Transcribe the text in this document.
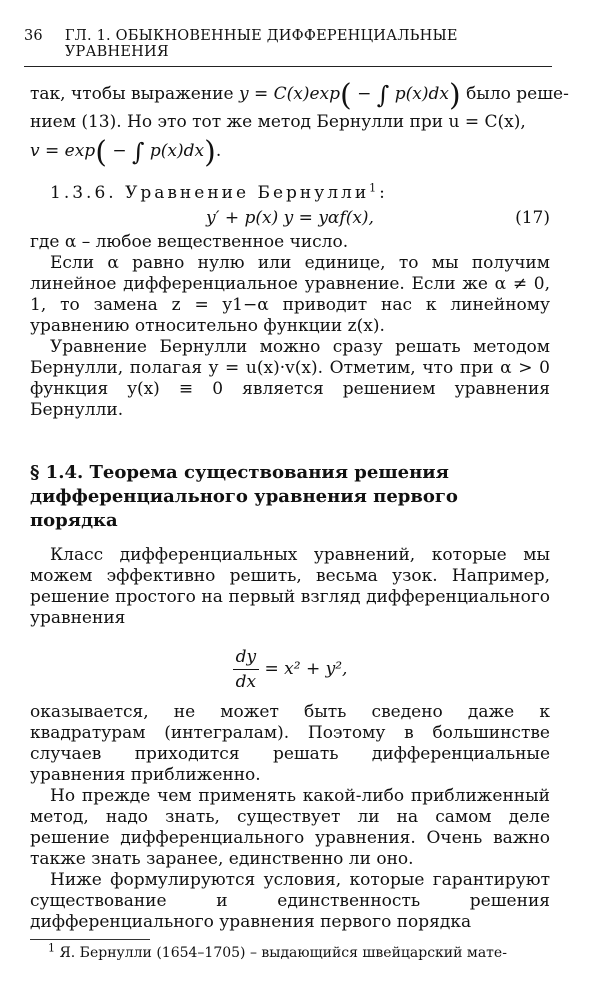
36 ГЛ. 1. ОБЫКНОВЕННЫЕ ДИФФЕРЕНЦИАЛЬНЫЕ УРАВНЕНИЯ
так, чтобы выражение y = C(x)exp( − ∫ p(x)dx) было реше-

нием (13). Но это тот же метод Бернулли при u = C(x),

v = exp( − ∫ p(x)dx).

1.3.6. Уравнение Бернулли$^1$:

y′ + p(x) y = yαf(x),	(17)

где α – любое вещественное число.

Если α равно нулю или единице, то мы получим линейное дифференциальное уравнение. Если же α ≠ 0, 1, то замена z = y1−α приводит нас к линейному уравнению относительно функции z(x).

Уравнение Бернулли можно сразу решать методом Бернулли, полагая y = u(x)·v(x). Отметим, что при α > 0 функция y(x) ≡ 0 является решением уравнения Бернулли.

§ 1.4. Теорема существования решения дифференциального уравнения первого порядка

Класс дифференциальных уравнений, которые мы можем эффективно решить, весьма узок. Например, решение простого на первый взгляд дифференциального уравнения

$\frac{dy}{dx} = x^2 + y^2$,

оказывается, не может быть сведено даже к квадратурам (интегралам). Поэтому в большинстве случаев приходится решать дифференциальные уравнения приближенно.

Но прежде чем применять какой-либо приближенный метод, надо знать, существует ли на самом деле решение дифференциального уравнения. Очень важно также знать заранее, единственно ли оно.

Ниже формулируются условия, которые гарантируют существование и единственность решения дифференциального уравнения первого порядка

$^1$ Я. Бернулли (1654–1705) – выдающийся швейцарский мате-
